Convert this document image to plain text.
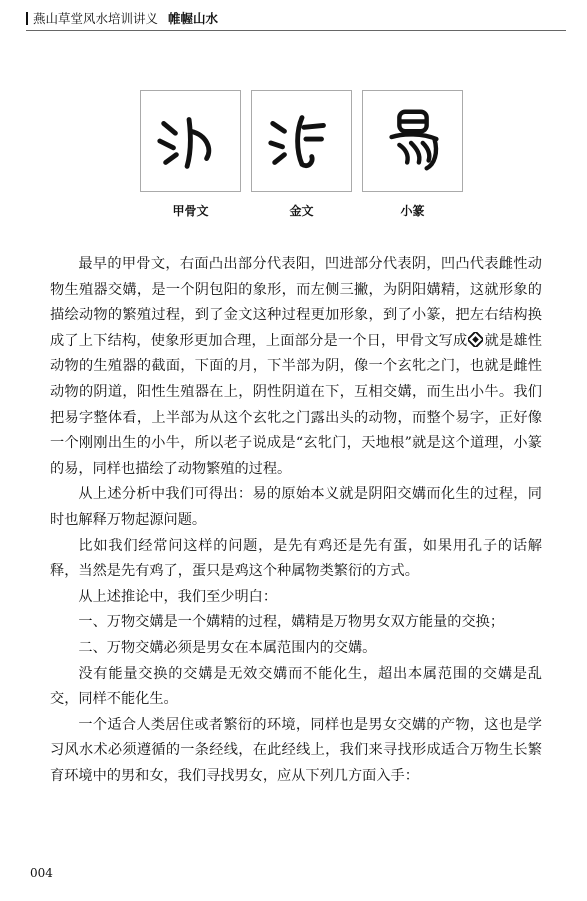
燕山草堂风水培训讲义 帷幄山水
甲骨文	金文	小篆

最早的甲骨文，右面凸出部分代表阳，凹进部分代表阴，凹凸代表雌性动物生殖器交媾，是一个阴包阳的象形，而左侧三撇，为阴阳媾精，这就形象的描绘动物的繁殖过程，到了金文这种过程更加形象，到了小篆，把左右结构换成了上下结构，使象形更加合理，上面部分是一个日，甲骨文写成 就是雄性动物的生殖器的截面，下面的月，下半部为阴，像一个玄牝之门，也就是雌性动物的阴道，阳性生殖器在上，阴性阴道在下，互相交媾，而生出小牛。我们把易字整体看，上半部为从这个玄牝之门露出头的动物，而整个易字，正好像一个刚刚出生的小牛，所以老子说成是“玄牝门，天地根”就是这个道理，小篆的易，同样也描绘了动物繁殖的过程。

从上述分析中我们可得出：易的原始本义就是阴阳交媾而化生的过程，同时也解释万物起源问题。

比如我们经常问这样的问题，是先有鸡还是先有蛋，如果用孔子的话解释，当然是先有鸡了，蛋只是鸡这个种属物类繁衍的方式。

从上述推论中，我们至少明白：

一、万物交媾是一个媾精的过程，媾精是万物男女双方能量的交换；

二、万物交媾必须是男女在本属范围内的交媾。

没有能量交换的交媾是无效交媾而不能化生，超出本属范围的交媾是乱交，同样不能化生。

一个适合人类居住或者繁衍的环境，同样也是男女交媾的产物，这也是学习风水术必须遵循的一条经线，在此经线上，我们来寻找形成适合万物生长繁育环境中的男和女，我们寻找男女，应从下列几方面入手：

004
